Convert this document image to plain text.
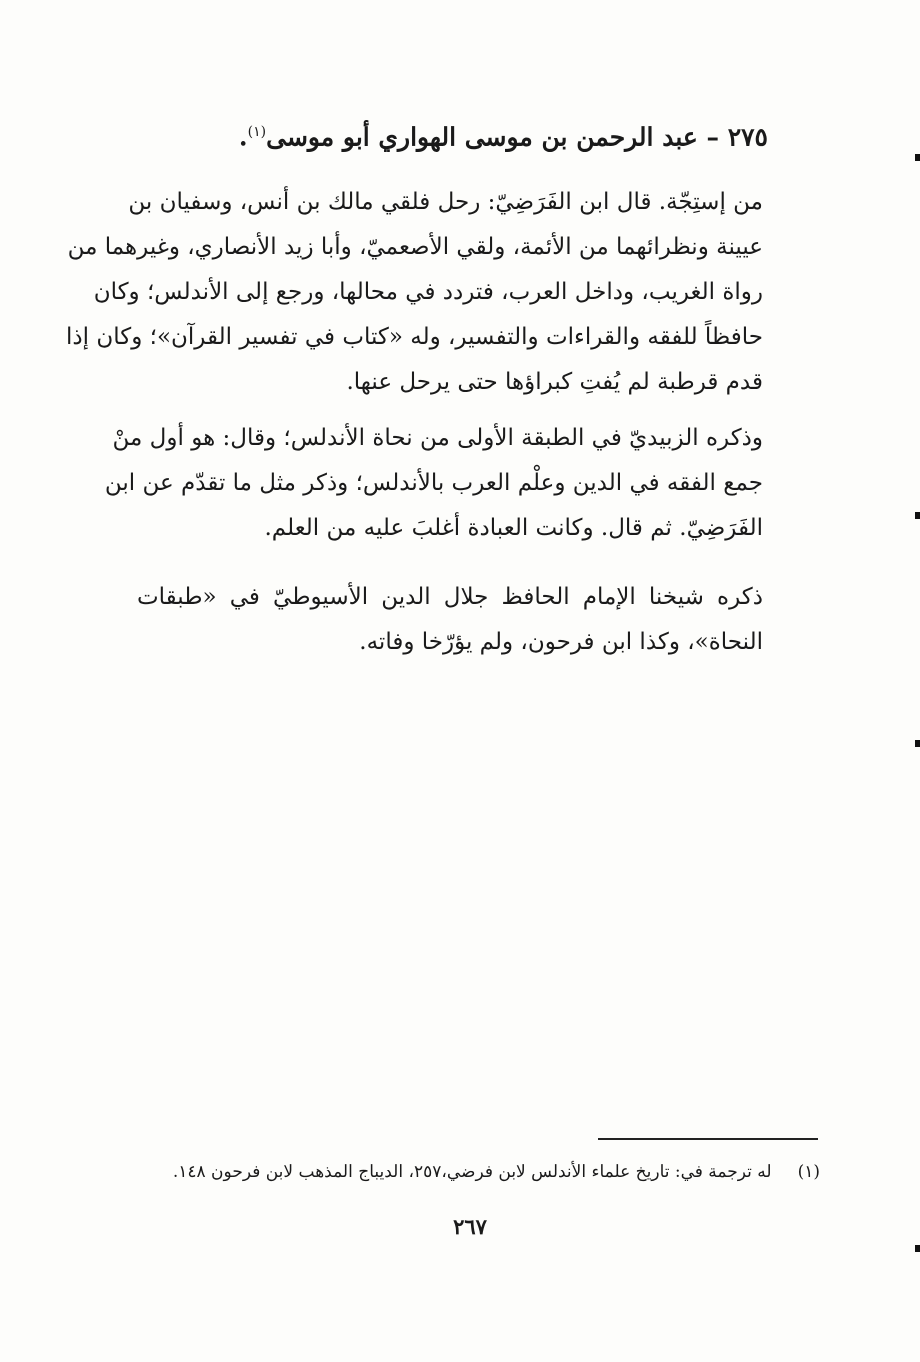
٢٧٥ – عبد الرحمن بن موسى الهواري أبو موسى$^{(١)}$.
من إستِجّة. قال ابن الفَرَضِيّ: رحل فلقي مالك بن أنس، وسفيان بن
عيينة ونظرائهما من الأئمة، ولقي الأصعميّ، وأبا زيد الأنصاري، وغيرهما من
رواة الغريب، وداخل العرب، فتردد في محالها، ورجع إلى الأندلس؛ وكان
حافظاً للفقه والقراءات والتفسير، وله «كتاب في تفسير القرآن»؛ وكان إذا
قدم قرطبة لم يُفتِ كبراؤها حتى يرحل عنها.
وذكره الزبيديّ في الطبقة الأولى من نحاة الأندلس؛ وقال: هو أول منْ
جمع الفقه في الدين وعلْم العرب بالأندلس؛ وذكر مثل ما تقدّم عن ابن
الفَرَضِيّ. ثم قال. وكانت العبادة أغلبَ عليه من العلم.
ذكره شيخنا الإمام الحافظ جلال الدين الأسيوطيّ في «طبقات
النحاة»، وكذا ابن فرحون، ولم يؤرّخا وفاته.
(١)له ترجمة في: تاريخ علماء الأندلس لابن فرضي،٢٥٧، الديباج المذهب لابن فرحون ١٤٨.
٢٦٧
